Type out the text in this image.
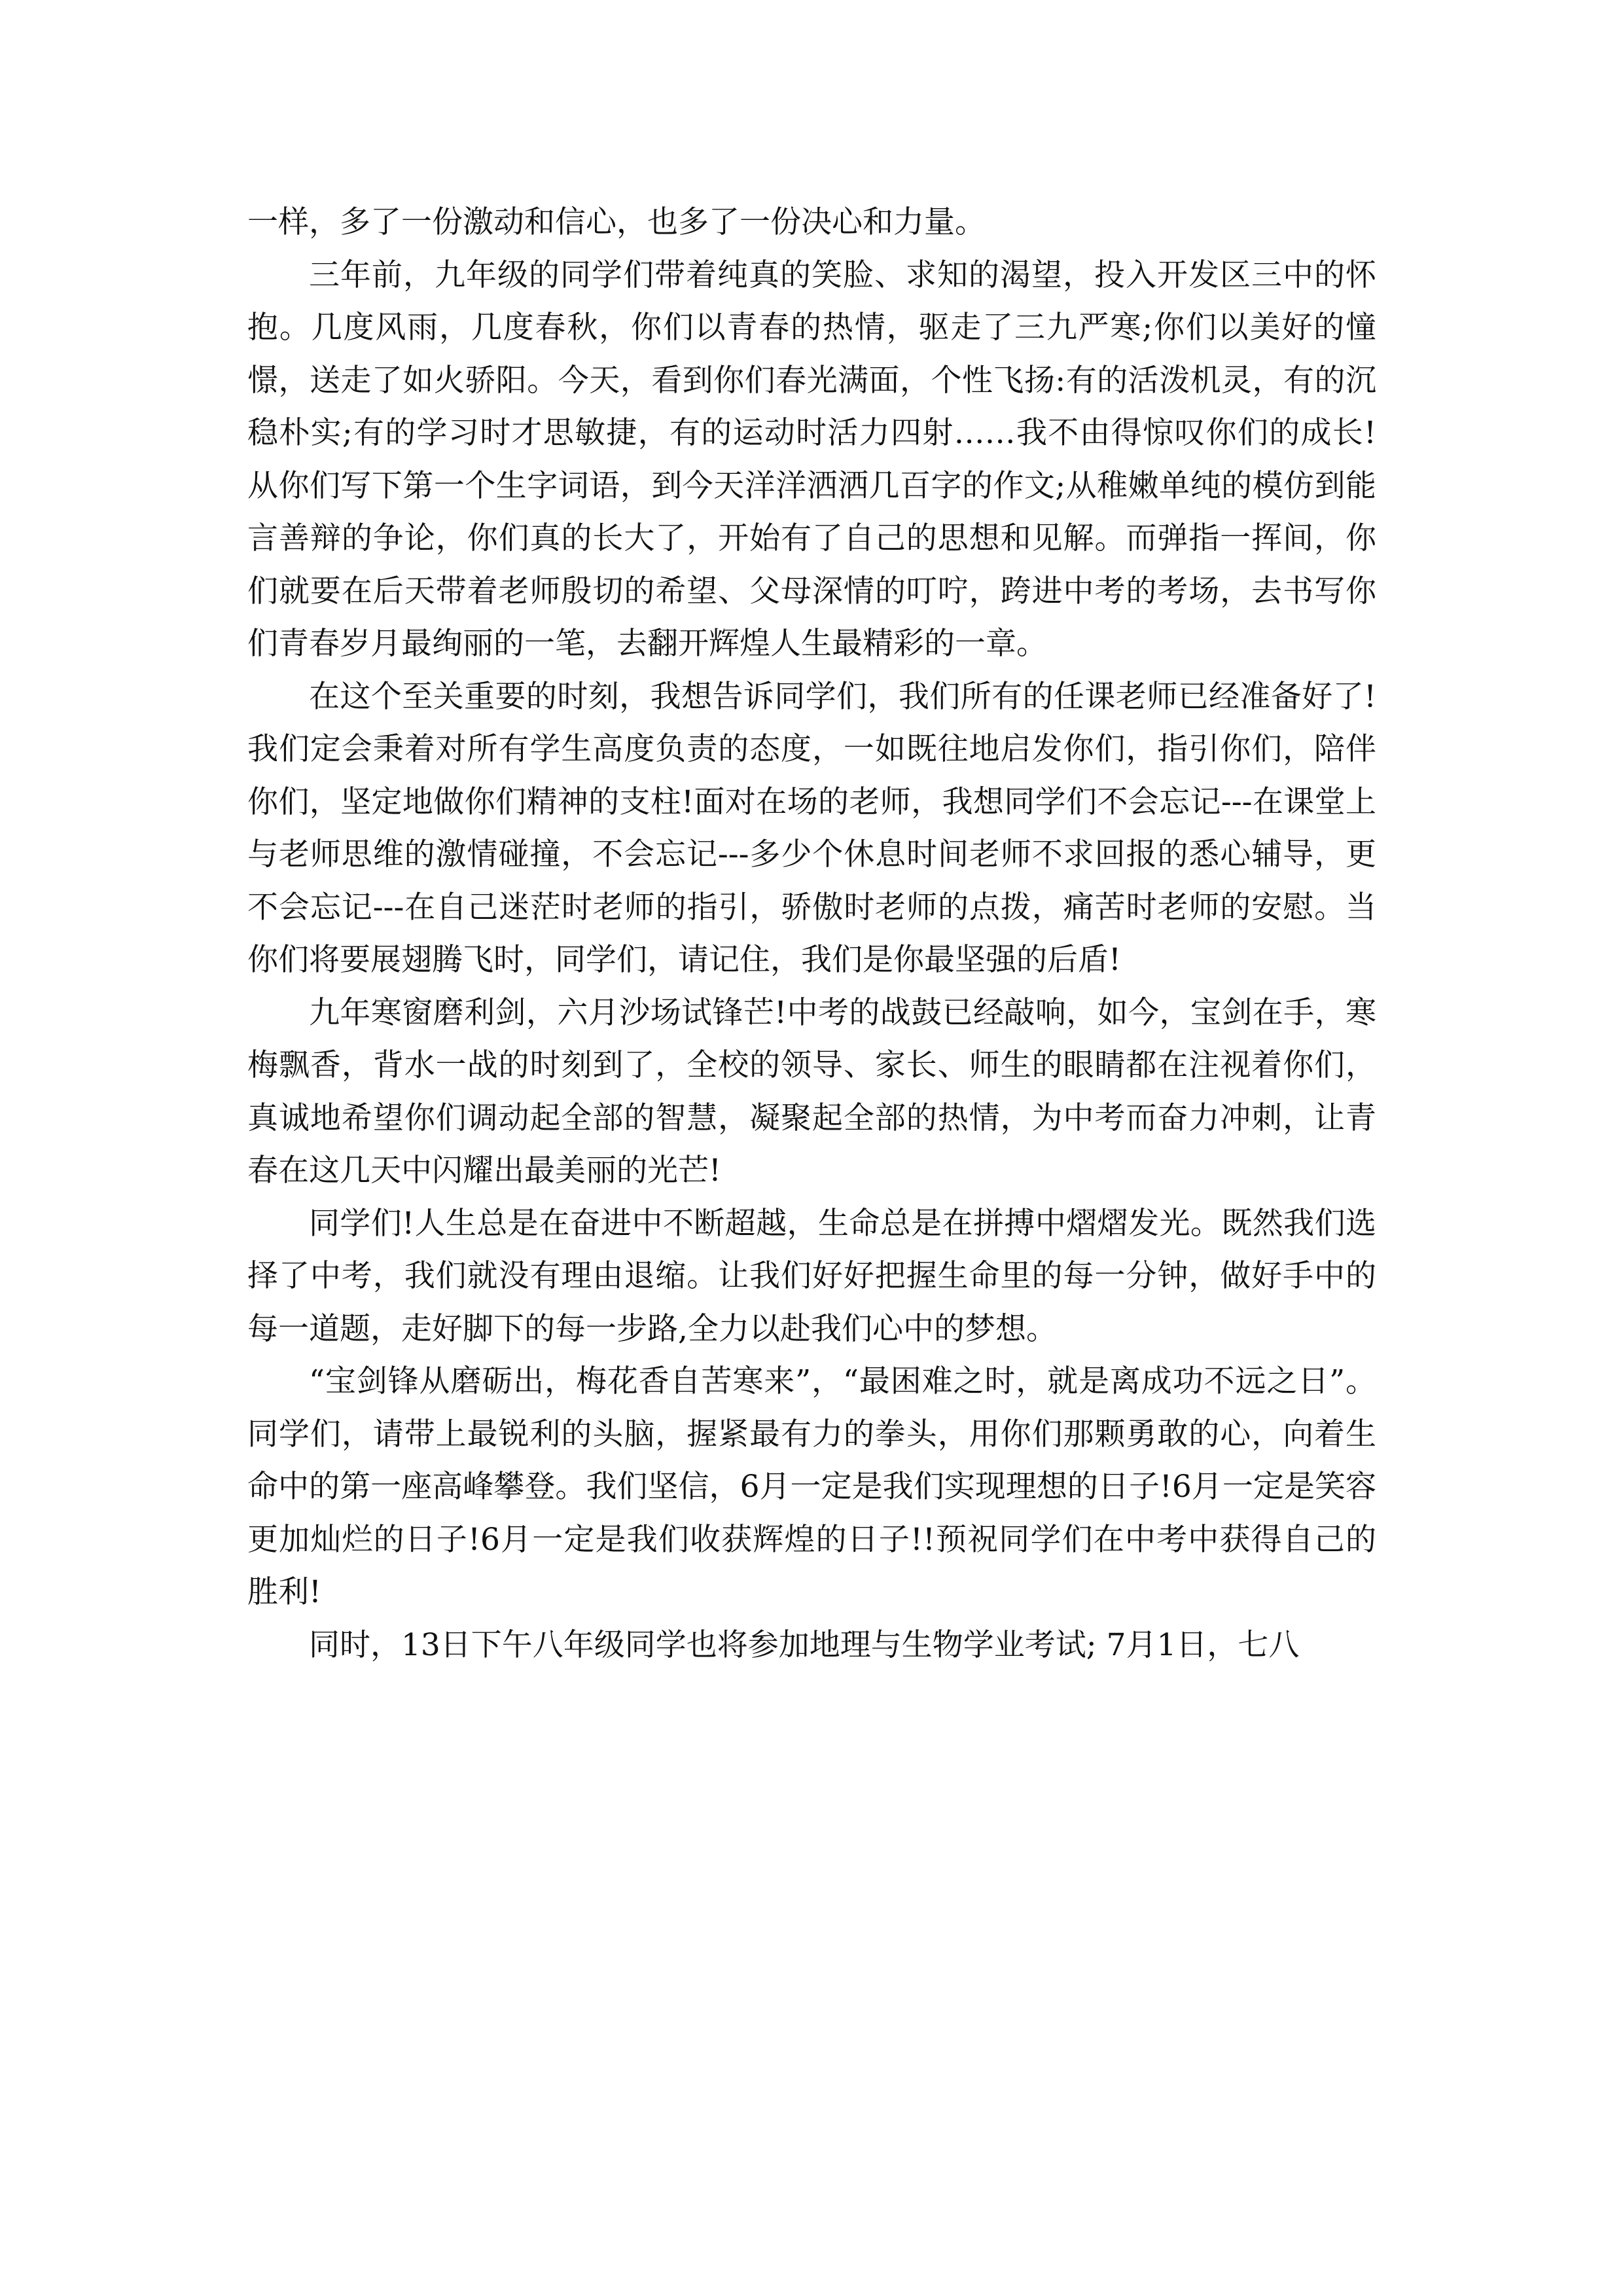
一样，多了一份激动和信心，也多了一份决心和力量。

三年前，九年级的同学们带着纯真的笑脸、求知的渴望，投入开发区三中的怀抱。几度风雨，几度春秋，你们以青春的热情，驱走了三九严寒;你们以美好的憧憬，送走了如火骄阳。今天，看到你们春光满面，个性飞扬:有的活泼机灵，有的沉稳朴实;有的学习时才思敏捷，有的运动时活力四射……我不由得惊叹你们的成长!从你们写下第一个生字词语，到今天洋洋洒洒几百字的作文;从稚嫩单纯的模仿到能言善辩的争论，你们真的长大了，开始有了自己的思想和见解。而弹指一挥间，你们就要在后天带着老师殷切的希望、父母深情的叮咛，跨进中考的考场，去书写你们青春岁月最绚丽的一笔，去翻开辉煌人生最精彩的一章。

在这个至关重要的时刻，我想告诉同学们，我们所有的任课老师已经准备好了!我们定会秉着对所有学生高度负责的态度，一如既往地启发你们，指引你们，陪伴你们，坚定地做你们精神的支柱!面对在场的老师，我想同学们不会忘记---在课堂上与老师思维的激情碰撞，不会忘记---多少个休息时间老师不求回报的悉心辅导，更不会忘记---在自己迷茫时老师的指引，骄傲时老师的点拨，痛苦时老师的安慰。当你们将要展翅腾飞时，同学们，请记住，我们是你最坚强的后盾!

九年寒窗磨利剑，六月沙场试锋芒!中考的战鼓已经敲响，如今，宝剑在手，寒梅飘香，背水一战的时刻到了，全校的领导、家长、师生的眼睛都在注视着你们，真诚地希望你们调动起全部的智慧，凝聚起全部的热情，为中考而奋力冲刺，让青春在这几天中闪耀出最美丽的光芒!

同学们!人生总是在奋进中不断超越，生命总是在拼搏中熠熠发光。既然我们选择了中考，我们就没有理由退缩。让我们好好把握生命里的每一分钟，做好手中的每一道题，走好脚下的每一步路,全力以赴我们心中的梦想。

“宝剑锋从磨砺出，梅花香自苦寒来”，“最困难之时，就是离成功不远之日”。同学们，请带上最锐利的头脑，握紧最有力的拳头，用你们那颗勇敢的心，向着生命中的第一座高峰攀登。我们坚信，6月一定是我们实现理想的日子!6月一定是笑容更加灿烂的日子!6月一定是我们收获辉煌的日子!!预祝同学们在中考中获得自己的胜利!

同时，13日下午八年级同学也将参加地理与生物学业考试; 7月1日，七八
